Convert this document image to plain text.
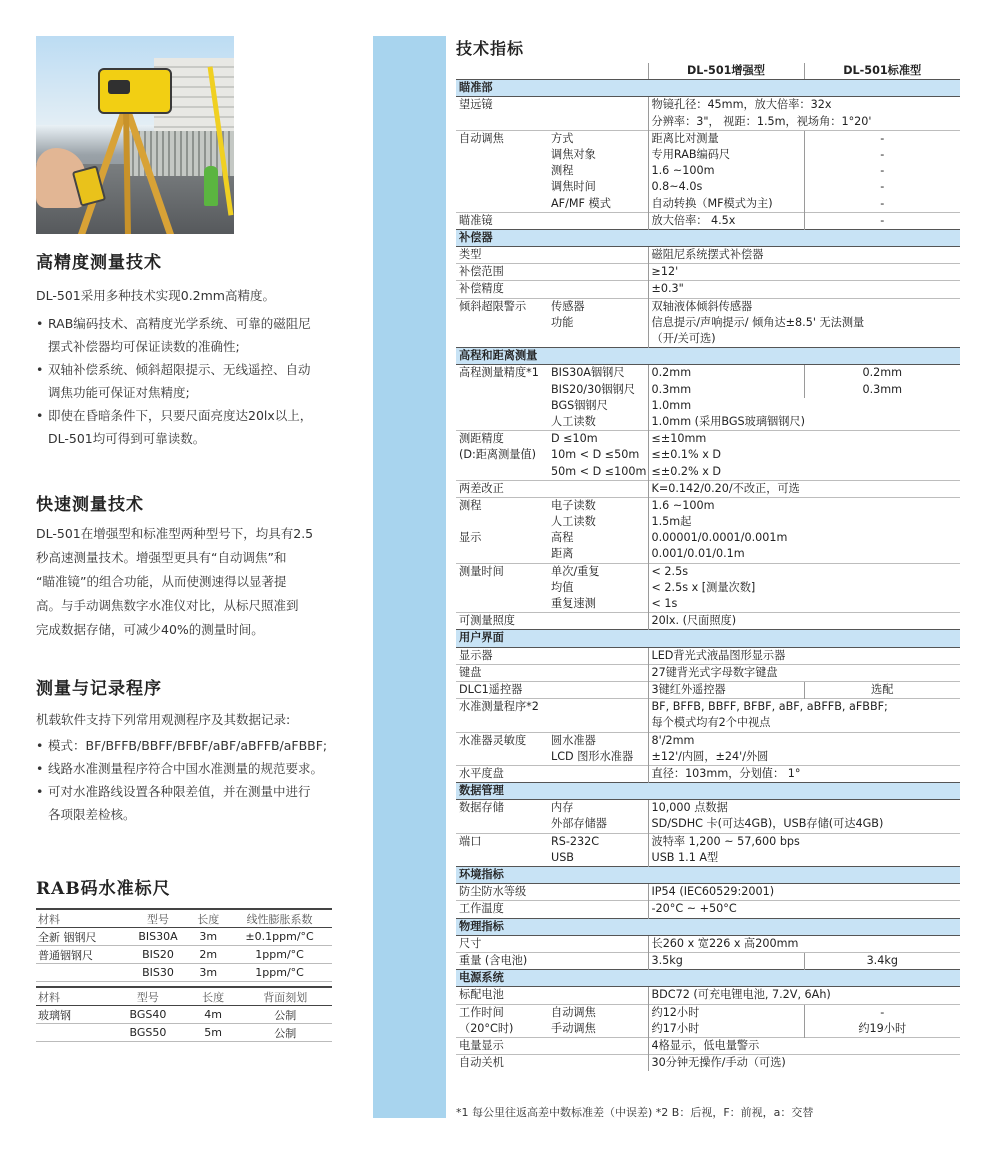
高精度测量技术
DL-501采用多种技术实现0.2mm高精度。
• RAB编码技术、高精度光学系统、可靠的磁阻尼
摆式补偿器均可保证读数的准确性;
• 双轴补偿系统、倾斜超限提示、无线遥控、自动
调焦功能可保证对焦精度;
• 即使在昏暗条件下，只要尺面亮度达20lx以上，
DL-501均可得到可靠读数。
快速测量技术
DL-501在增强型和标准型两种型号下，均具有2.5
秒高速测量技术。增强型更具有“自动调焦”和
“瞄准镜”的组合功能，从而使测速得以显著提
高。与手动调焦数字水准仪对比，从标尺照准到
完成数据存储，可减少40%的测量时间。
测量与记录程序
机载软件支持下列常用观测程序及其数据记录:
• 模式：BF/BFFB/BBFF/BFBF/aBF/aBFFB/aFBBF;
• 线路水准测量程序符合中国水准测量的规范要求。
• 可对水准路线设置各种限差值，并在测量中进行
各项限差检核。
RAB码水准标尺
材料	型号	长度	线性膨胀系数
全新 铟钢尺	BIS30A	3m	±0.1ppm/°C
普通铟钢尺	BIS20	2m	1ppm/°C
	BIS30	3m	1ppm/°C
材料	型号	长度	背面刻划
玻璃钢	BGS40	4m	公制
	BGS50	5m	公制
技术指标
		DL-501增强型	DL-501标准型
瞄准部			
望远镜		物镜孔径：45mm，放大倍率：32x	
		分辨率：3"， 视距：1.5m，视场角：1°20'	
自动调焦	方式	距离比对测量	-
	调焦对象	专用RAB编码尺	-
	测程	1.6 ~100m	-
	调焦时间	0.8~4.0s	-
	AF/MF 模式	自动转换（MF模式为主)	-
瞄准镜		放大倍率： 4.5x	-
补偿器			
类型		磁阻尼系统摆式补偿器	
补偿范围		≥12'	
补偿精度		±0.3"	
倾斜超限警示	传感器	双轴液体倾斜传感器	
	功能	信息提示/声响提示/ 倾角达±8.5' 无法测量	
		（开/关可选)	
高程和距离测量			
高程测量精度*1	BIS30A铟钢尺	0.2mm	0.2mm
	BIS20/30铟钢尺	0.3mm	0.3mm
	BGS铟钢尺	1.0mm	
	人工读数	1.0mm (采用BGS玻璃铟钢尺)	
测距精度	D ≤10m	≤±10mm	
(D:距离测量值)	10m < D ≤50m	≤±0.1% x D	
	50m < D ≤100m	≤±0.2% x D	
两差改正		K=0.142/0.20/不改正，可选	
测程	电子读数	1.6 ~100m	
	人工读数	1.5m起	
显示	高程	0.00001/0.0001/0.001m	
	距离	0.001/0.01/0.1m	
测量时间	单次/重复	< 2.5s	
	均值	< 2.5s x [测量次数]	
	重复速测	< 1s	
可测量照度		20lx. (尺面照度)	
用户界面			
显示器		LED背光式液晶图形显示器	
键盘		27键背光式字母数字键盘	
DLC1遥控器		3键红外遥控器	选配
水准测量程序*2		BF, BFFB, BBFF, BFBF, aBF, aBFFB, aFBBF;	
		每个模式均有2个中视点	
水准器灵敏度	圆水准器	8'/2mm	
	LCD 图形水准器	±12'/内圆，±24'/外圆	
水平度盘		直径：103mm，分划值： 1°	
数据管理			
数据存储	内存	10,000 点数据	
	外部存储器	SD/SDHC 卡(可达4GB)，USB存储(可达4GB)	
端口	RS-232C	波特率 1,200 ~ 57,600 bps	
	USB	USB 1.1 A型	
环境指标			
防尘防水等级		IP54 (IEC60529:2001)	
工作温度		-20°C ~ +50°C	
物理指标			
尺寸		长260 x 宽226 x 高200mm	
重量 (含电池)		3.5kg	3.4kg
电源系统			
标配电池		BDC72 (可充电锂电池, 7.2V, 6Ah)	
工作时间	自动调焦	约12小时	-
（20°C时)	手动调焦	约17小时	约19小时
电量显示		4格显示，低电量警示	
自动关机		30分钟无操作/手动（可选)	
*1 每公里往返高差中数标准差（中误差) *2 B：后视，F：前视，a：交替
